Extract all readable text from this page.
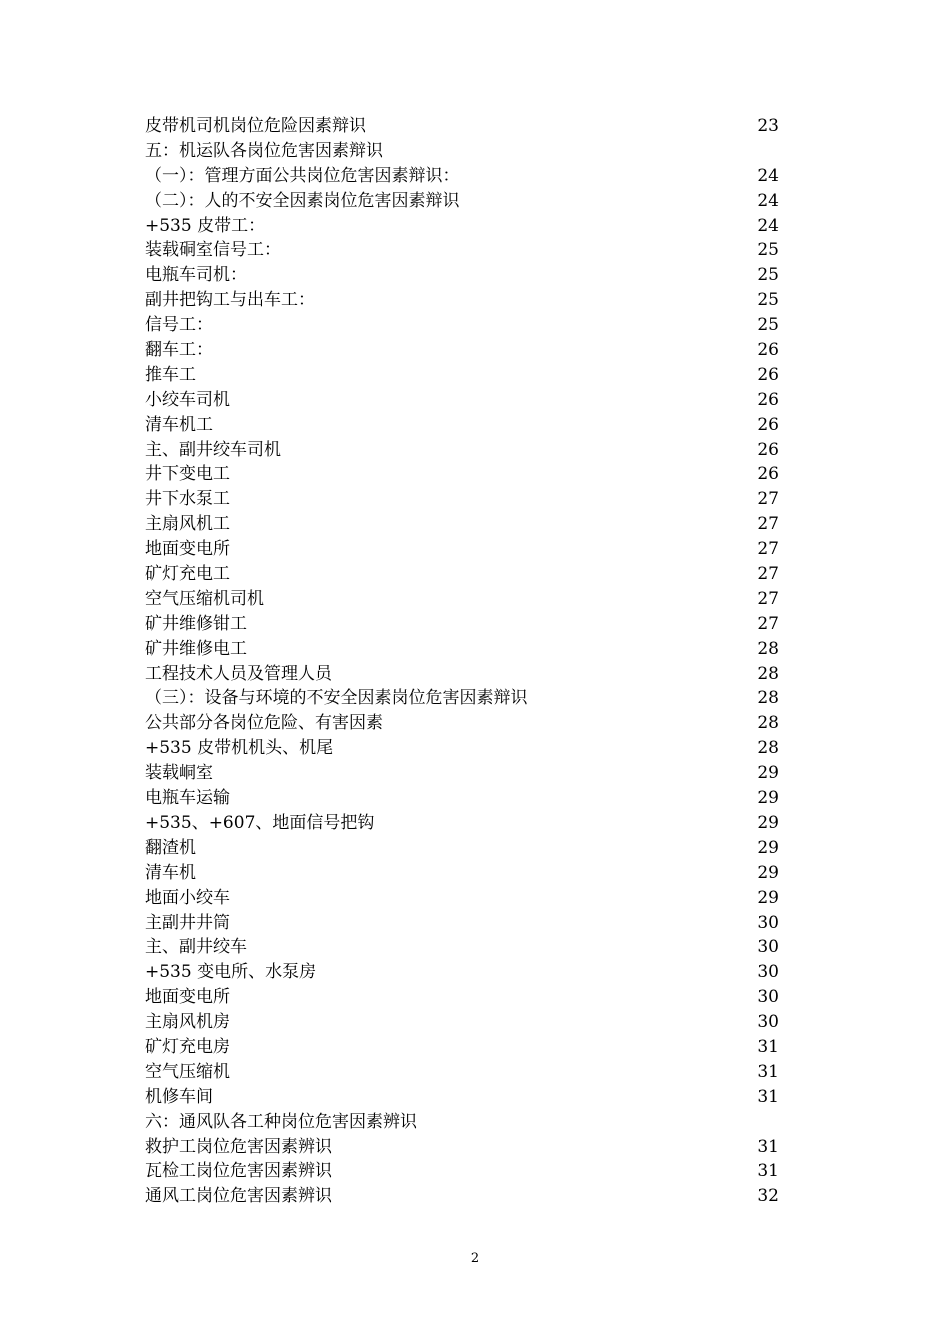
皮带机司机岗位危险因素辩识	23
五：机运队各岗位危害因素辩识
（一）：管理方面公共岗位危害因素辩识：	24
（二）：人的不安全因素岗位危害因素辩识	24
+535 皮带工：	24
装载硐室信号工：	25
电瓶车司机：	25
副井把钩工与出车工：	25
信号工：	25
翻车工：	26
推车工	26
小绞车司机	26
清车机工	26
主、副井绞车司机	26
井下变电工	26
井下水泵工	27
主扇风机工	27
地面变电所	27
矿灯充电工	27
空气压缩机司机	27
矿井维修钳工	27
矿井维修电工	28
工程技术人员及管理人员	28
（三）：设备与环境的不安全因素岗位危害因素辩识	28
公共部分各岗位危险、有害因素	28
+535 皮带机机头、机尾	28
装载峒室	29
电瓶车运输	29
+535、+607、地面信号把钩	29
翻渣机	29
清车机	29
地面小绞车	29
主副井井筒	30
主、副井绞车	30
+535 变电所、水泵房	30
地面变电所	30
主扇风机房	30
矿灯充电房	31
空气压缩机	31
机修车间	31
六：通风队各工种岗位危害因素辨识
救护工岗位危害因素辨识	31
瓦检工岗位危害因素辨识	31
通风工岗位危害因素辨识	32
2
